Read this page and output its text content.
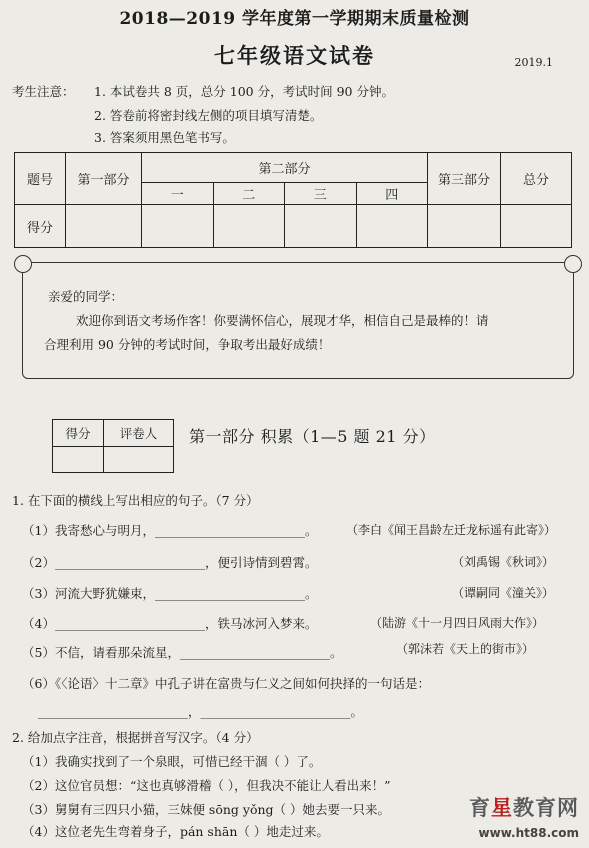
2018—2019 学年度第一学期期末质量检测
七年级语文试卷	2019.1
考生注意： 1. 本试卷共 8 页，总分 100 分，考试时间 90 分钟。
2. 答卷前将密封线左侧的项目填写清楚。
3. 答案须用黑色笔书写。
题号	第一部分	第二部分				第三部分	总分
		一	二	三	四		
得分							
亲爱的同学：
欢迎你到语文考场作客！你要满怀信心，展现才华，相信自己是最棒的！请
合理利用 90 分钟的考试时间，争取考出最好成绩！
得分	评卷人
	第一部分 积累（1—5 题 21 分）
1. 在下面的横线上写出相应的句子。（7 分）
（1）我寄愁心与明月，________________________。 （李白《闻王昌龄左迁龙标遥有此寄》）
（2）________________________，便引诗情到碧霄。	（刘禹锡《秋词》）
（3）河流大野犹嫌束，________________________。	（谭嗣同《潼关》）
（4）________________________，铁马冰河入梦来。	（陆游《十一月四日风雨大作》）
（5）不信，请看那朵流星，________________________。	（郭沫若《天上的街市》）
（6）《〈论语〉十二章》中孔子讲在富贵与仁义之间如何抉择的一句话是：
________________________，________________________。
2. 给加点字注音，根据拼音写汉字。（4 分）
（1）我确实找到了一个泉眼，可惜已经干涸（ ）了。
（2）这位官员想：“这也真够滑稽（ ），但我决不能让人看出来！”
（3）舅舅有三四只小猫，三妹便 sōng yǒng（ ）她去要一只来。
（4）这位老先生弯着身子，pán shān（ ）地走过来。
育星教育网
www.ht88.com
